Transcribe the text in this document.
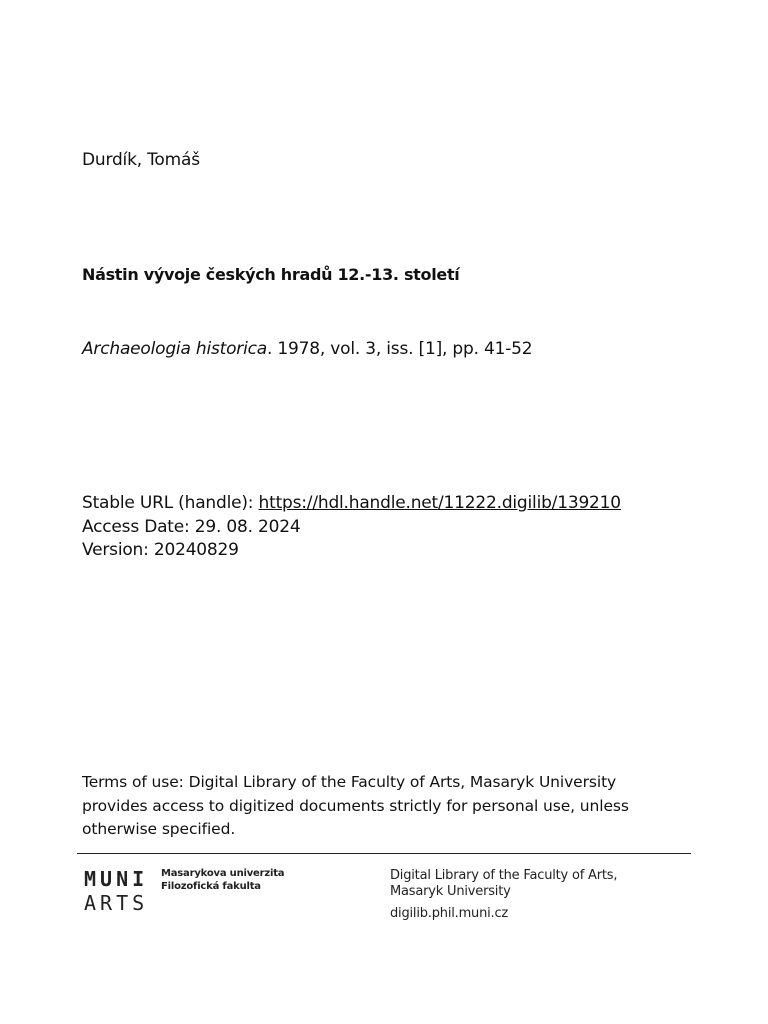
Durdík, Tomáš
Nástin vývoje českých hradů 12.-13. století
Archaeologia historica. 1978, vol. 3, iss. [1], pp. 41-52
Stable URL (handle): https://hdl.handle.net/11222.digilib/139210
Access Date: 29. 08. 2024
Version: 20240829
Terms of use: Digital Library of the Faculty of Arts, Masaryk University provides access to digitized documents strictly for personal use, unless otherwise specified.
MUNI
ARTS
Masarykova univerzita
Filozofická fakulta
Digital Library of the Faculty of Arts,
Masaryk University
digilib.phil.muni.cz
